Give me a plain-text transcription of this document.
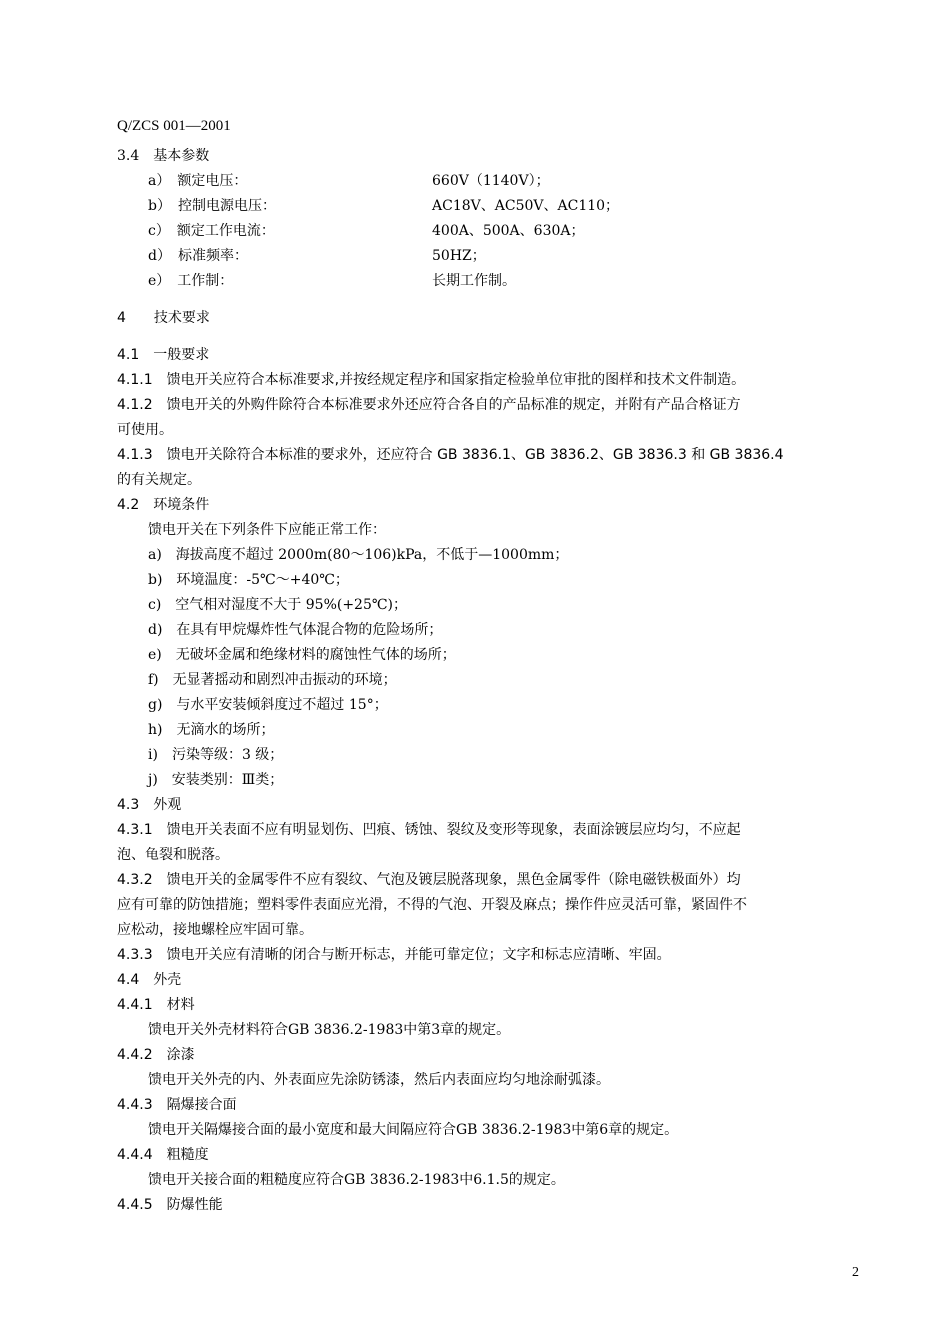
Q/ZCS 001—2001
3.4　基本参数
a）　额定电压：	660V（1140V）；
b）　控制电源电压：	AC18V、AC50V、AC110；
c）　额定工作电流：	400A、500A、630A；
d）　标准频率：	50HZ；
e）　工作制：	长期工作制。
4　　技术要求
4.1　一般要求
4.1.1　馈电开关应符合本标准要求,并按经规定程序和国家指定检验单位审批的图样和技术文件制造。
4.1.2　馈电开关的外购件除符合本标准要求外还应符合各自的产品标准的规定，并附有产品合格证方
可使用。
4.1.3　馈电开关除符合本标准的要求外，还应符合 GB 3836.1、GB 3836.2、GB 3836.3 和 GB 3836.4
的有关规定。
4.2　环境条件
馈电开关在下列条件下应能正常工作：
a)　海拔高度不超过 2000m(80～106)kPa，不低于—1000mm；
b)　环境温度：-5℃～+40℃；
c)　空气相对湿度不大于 95%(+25℃)；
d)　在具有甲烷爆炸性气体混合物的危险场所；
e)　无破坏金属和绝缘材料的腐蚀性气体的场所；
f)　无显著摇动和剧烈冲击振动的环境；
g)　与水平安装倾斜度过不超过 15°；
h)　无滴水的场所；
i)　污染等级：3 级；
j)　安装类别：Ⅲ类；
4.3　外观
4.3.1　馈电开关表面不应有明显划伤、凹痕、锈蚀、裂纹及变形等现象，表面涂镀层应均匀，不应起
泡、龟裂和脱落。
4.3.2　馈电开关的金属零件不应有裂纹、气泡及镀层脱落现象，黑色金属零件（除电磁铁极面外）均
应有可靠的防蚀措施；塑料零件表面应光滑，不得的气泡、开裂及麻点；操作件应灵活可靠，紧固件不
应松动，接地螺栓应牢固可靠。
4.3.3　馈电开关应有清晰的闭合与断开标志，并能可靠定位；文字和标志应清晰、牢固。
4.4　外壳
4.4.1　材料
馈电开关外壳材料符合GB 3836.2-1983中第3章的规定。
4.4.2　涂漆
馈电开关外壳的内、外表面应先涂防锈漆，然后内表面应均匀地涂耐弧漆。
4.4.3　隔爆接合面
馈电开关隔爆接合面的最小宽度和最大间隔应符合GB 3836.2-1983中第6章的规定。
4.4.4　粗糙度
馈电开关接合面的粗糙度应符合GB 3836.2-1983中6.1.5的规定。
4.4.5　防爆性能
2
